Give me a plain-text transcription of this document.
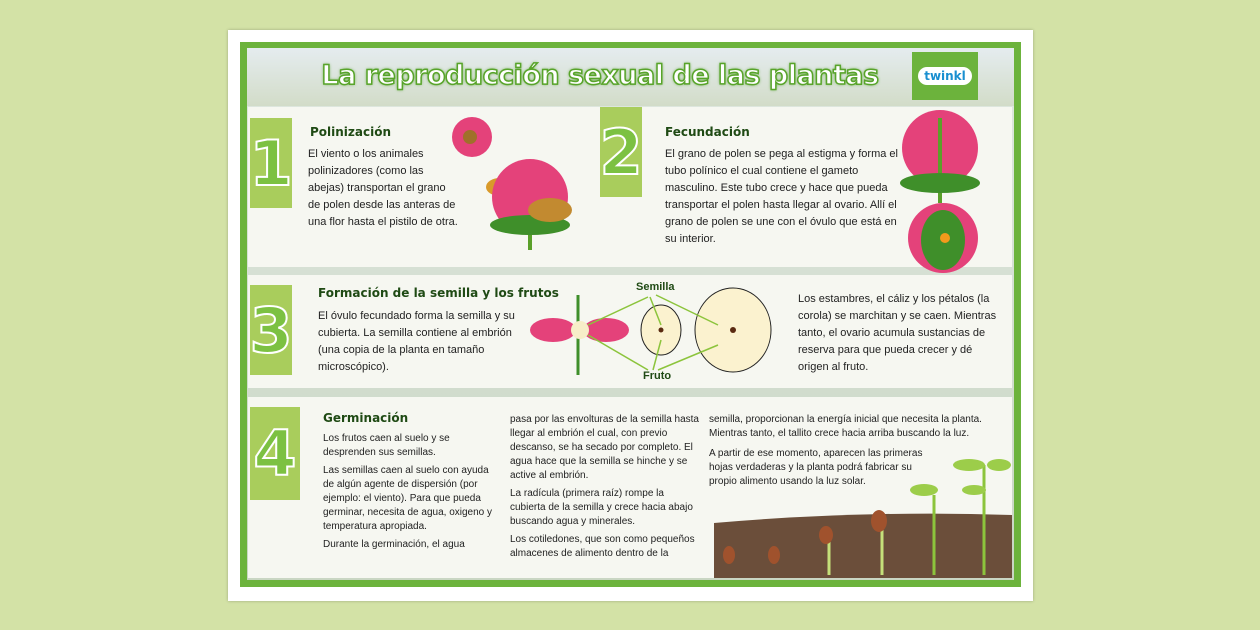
La reproducción sexual de las plantas	twinkl
1 Polinización
El viento o los animales polinizadores (como las abejas) transportan el grano de polen desde las anteras de una flor hasta el pistilo de otra.
2 Fecundación
El grano de polen se pega al estigma y forma el tubo polínico el cual contiene el gameto masculino. Este tubo crece y hace que pueda transportar el polen hasta llegar al ovario. Allí el grano de polen se une con el óvulo que está en su interior.
3
Formación de la semilla y los frutos
El óvulo fecundado forma la semilla y su cubierta. La semilla contiene al embrión (una copia de la planta en tamaño microscópico).
Semilla
Fruto
Los estambres, el cáliz y los pétalos (la corola) se marchitan y se caen. Mientras tanto, el ovario acumula sustancias de reserva para que pueda crecer y dé origen al fruto.
4 Germinación
Los frutos caen al suelo y se desprenden sus semillas.
Las semillas caen al suelo con ayuda de algún agente de dispersión (por ejemplo: el viento). Para que pueda germinar, necesita de agua, oxigeno y temperatura apropiada.
Durante la germinación, el agua
pasa por las envolturas de la semilla hasta llegar al embrión el cual, con previo descanso, se ha secado por completo. El agua hace que la semilla se hinche y se active al embrión.
La radícula (primera raíz) rompe la cubierta de la semilla y crece hacia abajo buscando agua y minerales.
Los cotiledones, que son como pequeños almacenes de alimento dentro de la
semilla, proporcionan la energía inicial que necesita la planta. Mientras tanto, el tallito crece hacia arriba buscando la luz.
A partir de ese momento, aparecen las primeras hojas verdaderas y la planta podrá fabricar su propio alimento usando la luz solar.
